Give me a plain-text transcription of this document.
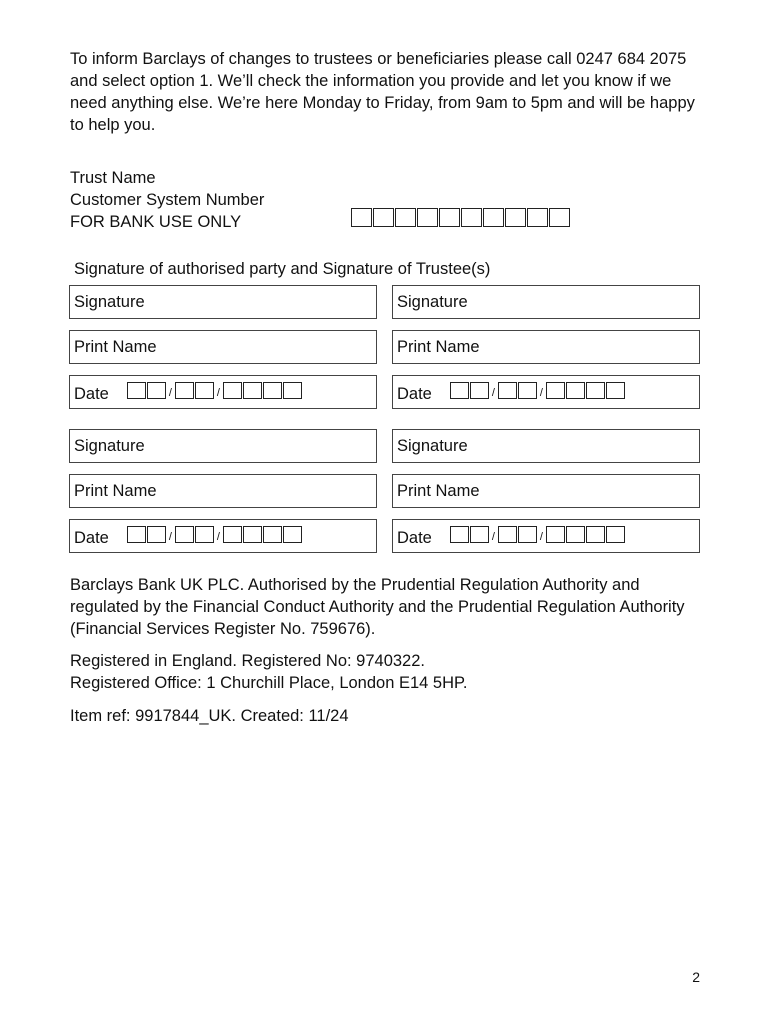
To inform Barclays of changes to trustees or beneficiaries please call 0247 684 2075 and select option 1. We’ll check the information you provide and let you know if we need anything else. We’re here Monday to Friday, from 9am to 5pm and will be happy to help you.

Trust Name
Customer System Number
FOR BANK USE ONLY
Signature of authorised party and Signature of Trustee(s)
Signature	Signature
Print Name	Print Name
Date	/	/	Date	/	/
Signature	Signature
Print Name	Print Name
Date	/	/	Date	/	/

Barclays Bank UK PLC. Authorised by the Prudential Regulation Authority and regulated by the Financial Conduct Authority and the Prudential Regulation Authority (Financial Services Register No. 759676).

Registered in England. Registered No: 9740322.

Registered Office: 1 Churchill Place, London E14 5HP.

Item ref: 9917844_UK. Created: 11/24

2
